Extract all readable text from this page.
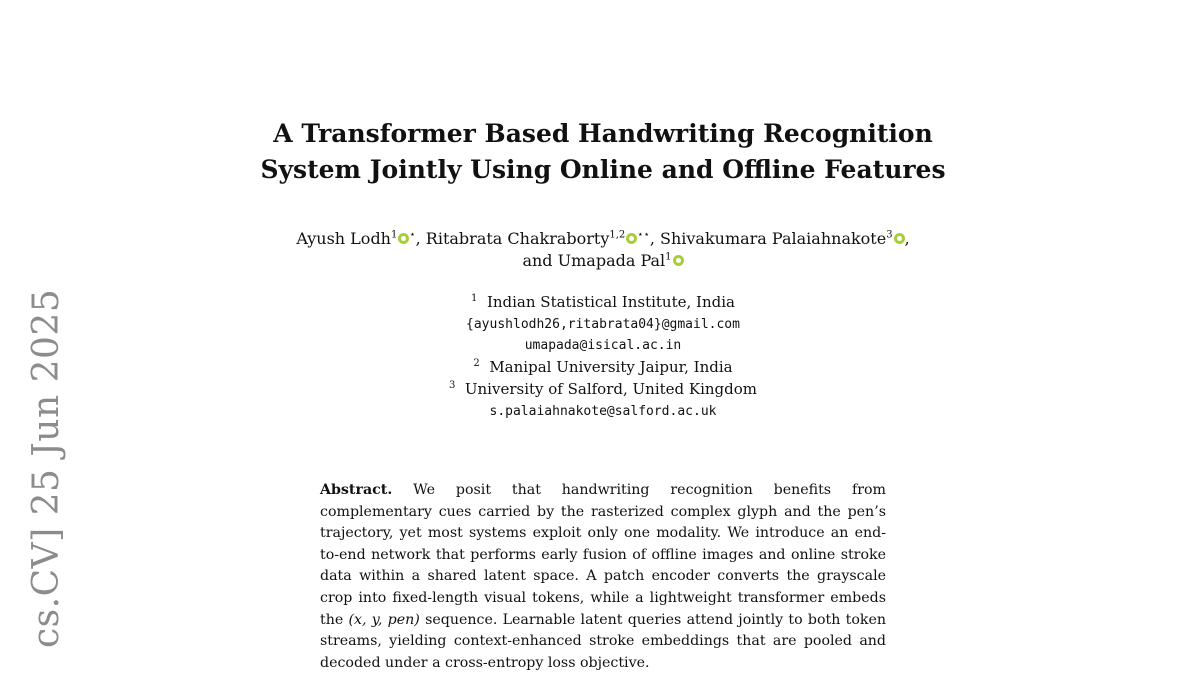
cs.CV] 25 Jun 2025
A Transformer Based Handwriting Recognition
System Jointly Using Online and Offline Features
Ayush Lodh$^1$ ⋆, Ritabrata Chakraborty$^{1,2}$ ⋆⋆, Shivakumara Palaiahnakote$^3$ ,
and Umapada Pal$^1$
$^1$ Indian Statistical Institute, India
{ayushlodh26,ritabrata04}@gmail.com
umapada@isical.ac.in
$^2$ Manipal University Jaipur, India
$^3$ University of Salford, United Kingdom
s.palaiahnakote@salford.ac.uk

Abstract. We posit that handwriting recognition benefits from complementary cues carried by the rasterized complex glyph and the pen’s trajectory, yet most systems exploit only one modality. We introduce an end-to-end network that performs early fusion of offline images and online stroke data within a shared latent space. A patch encoder converts the grayscale crop into fixed-length visual tokens, while a lightweight transformer embeds the (x, y, pen) sequence. Learnable latent queries attend jointly to both token streams, yielding context-enhanced stroke embeddings that are pooled and decoded under a cross-entropy loss objective.
